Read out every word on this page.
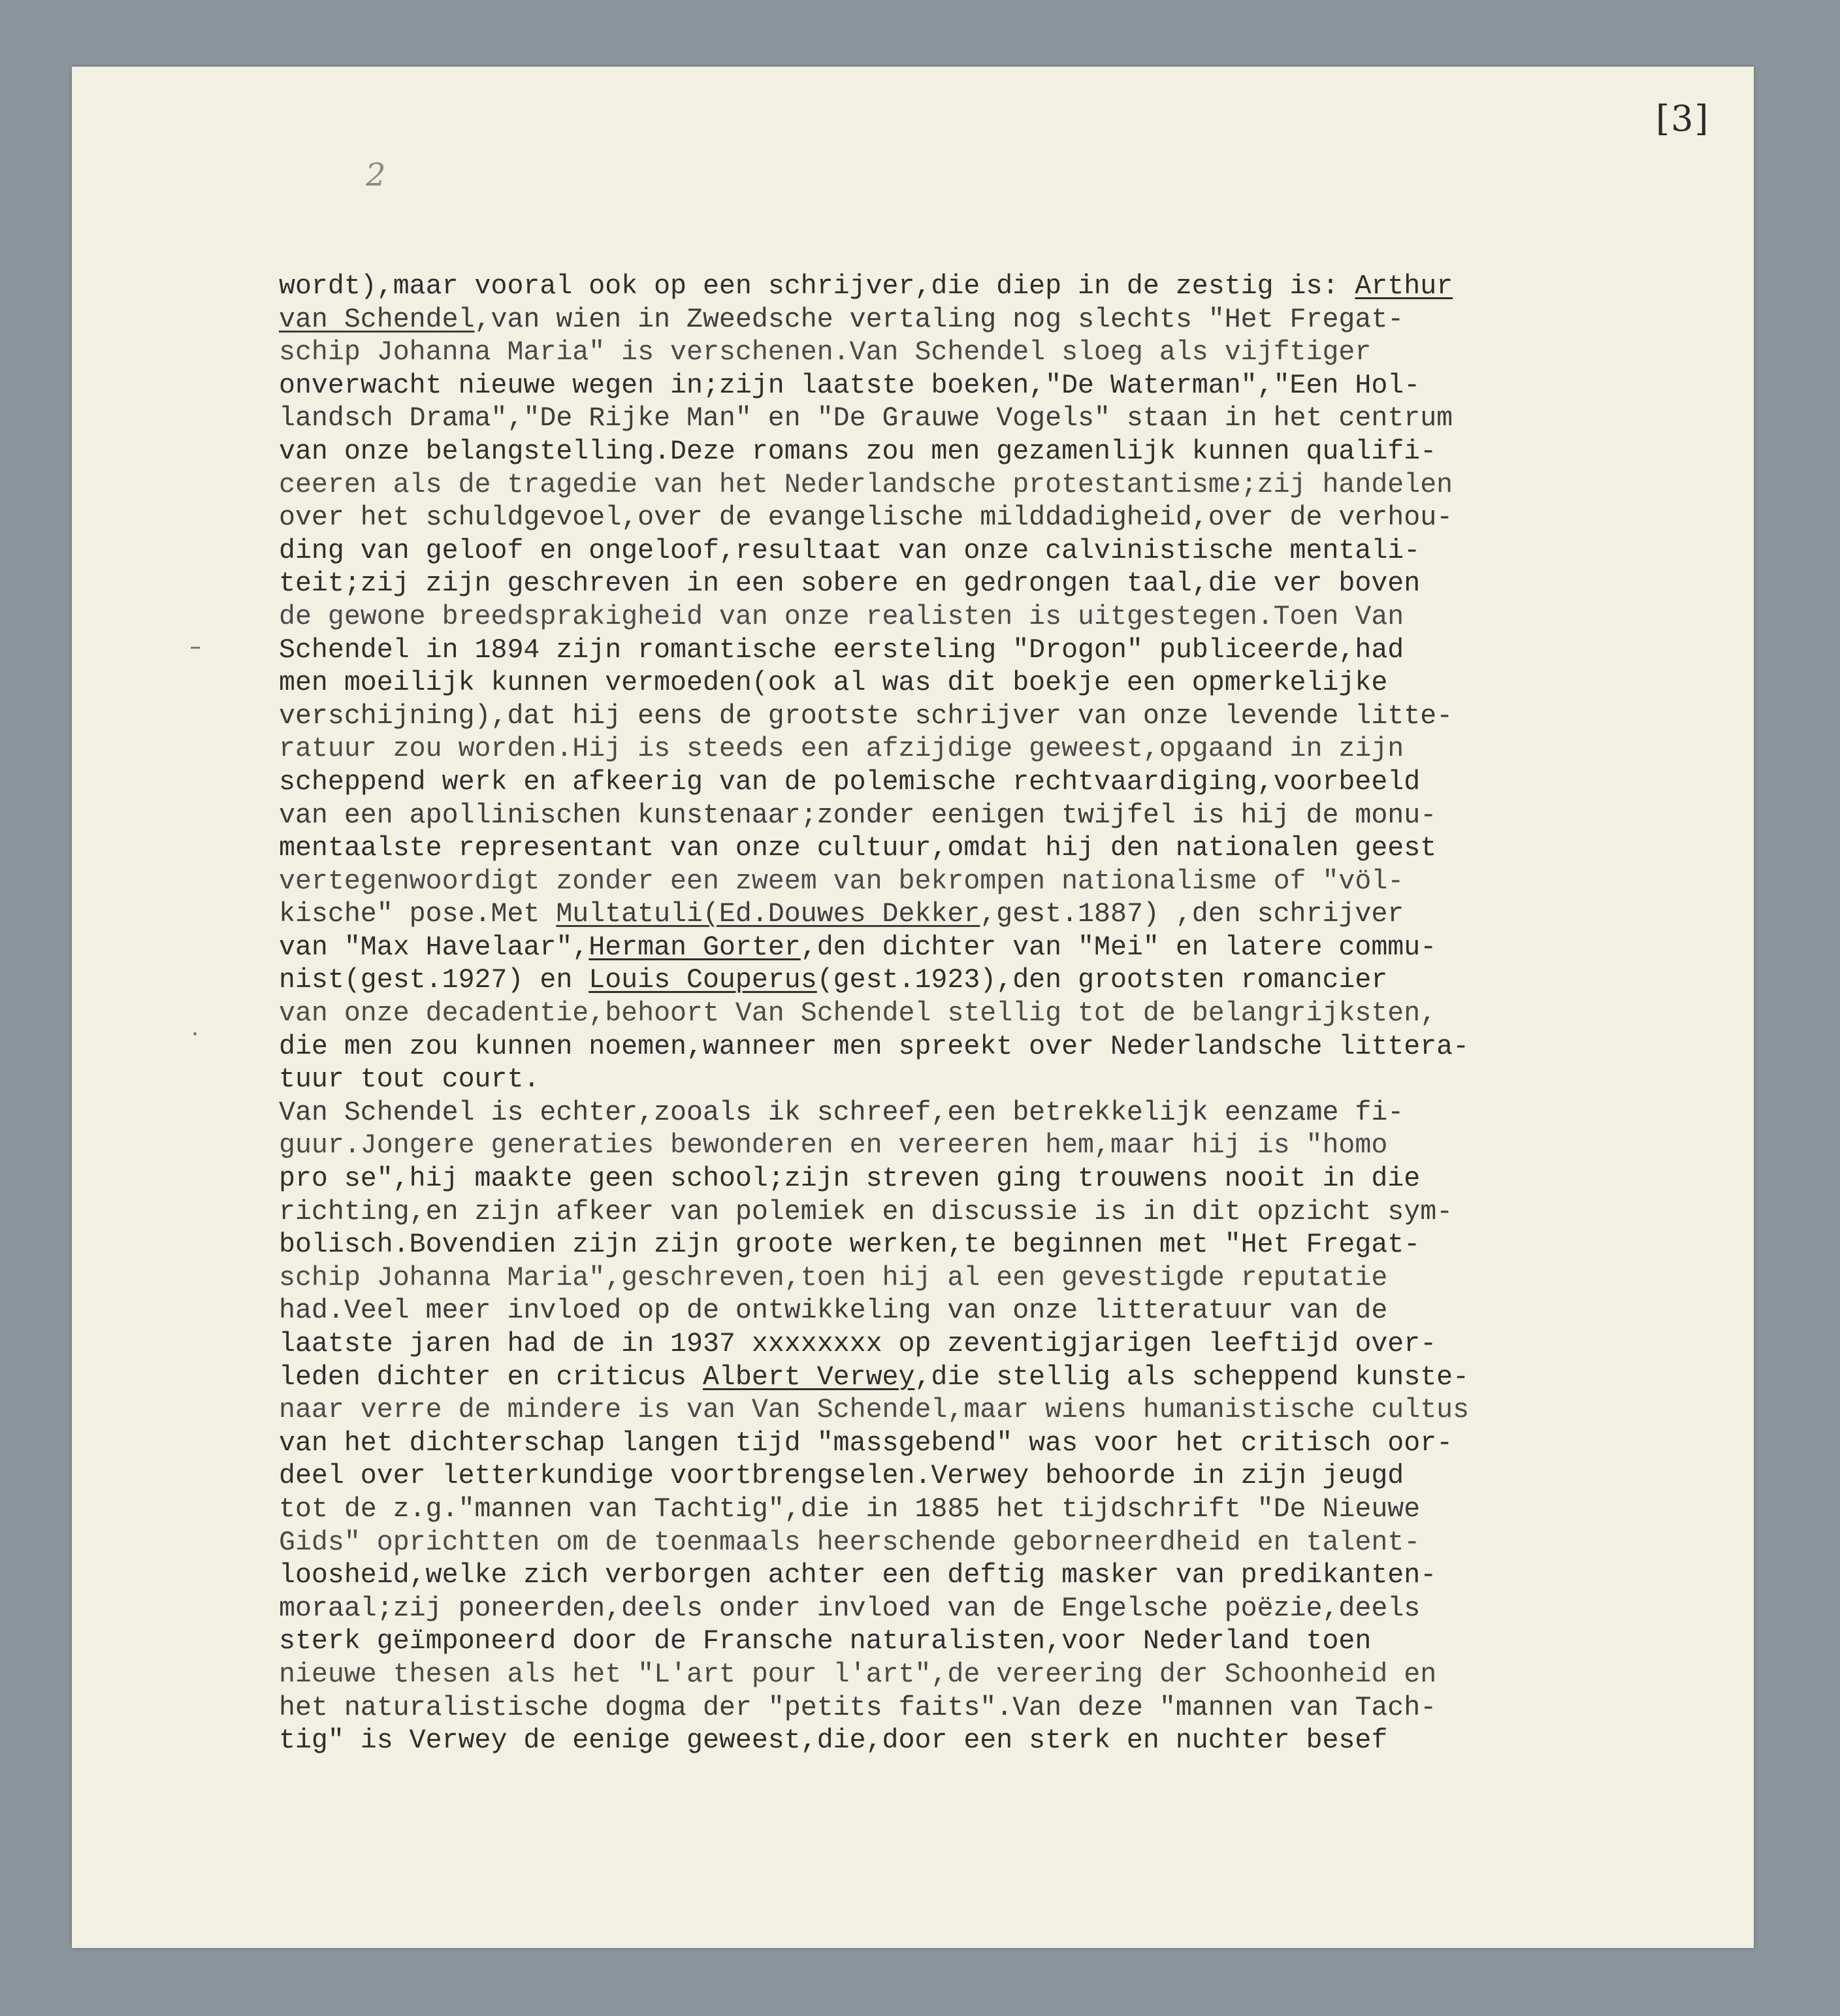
[3]
2
wordt),maar vooral ook op een schrijver,die diep in de zestig is: Arthur
van Schendel,van wien in Zweedsche vertaling nog slechts "Het Fregat-
schip Johanna Maria" is verschenen.Van Schendel sloeg als vijftiger
onverwacht nieuwe wegen in;zijn laatste boeken,"De Waterman","Een Hol-
landsch Drama","De Rijke Man" en "De Grauwe Vogels" staan in het centrum
van onze belangstelling.Deze romans zou men gezamenlijk kunnen qualifi-
ceeren als de tragedie van het Nederlandsche protestantisme;zij handelen
over het schuldgevoel,over de evangelische milddadigheid,over de verhou-
ding van geloof en ongeloof,resultaat van onze calvinistische mentali-
teit;zij zijn geschreven in een sobere en gedrongen taal,die ver boven
de gewone breedsprakigheid van onze realisten is uitgestegen.Toen Van
Schendel in 1894 zijn romantische eersteling "Drogon" publiceerde,had
men moeilijk kunnen vermoeden(ook al was dit boekje een opmerkelijke
verschijning),dat hij eens de grootste schrijver van onze levende litte-
ratuur zou worden.Hij is steeds een afzijdige geweest,opgaand in zijn
scheppend werk en afkeerig van de polemische rechtvaardiging,voorbeeld
van een apollinischen kunstenaar;zonder eenigen twijfel is hij de monu-
mentaalste representant van onze cultuur,omdat hij den nationalen geest
vertegenwoordigt zonder een zweem van bekrompen nationalisme of "völ-
kische" pose.Met Multatuli(Ed.Douwes Dekker,gest.1887) ,den schrijver
van "Max Havelaar",Herman Gorter,den dichter van "Mei" en latere commu-
nist(gest.1927) en Louis Couperus(gest.1923),den grootsten romancier
van onze decadentie,behoort Van Schendel stellig tot de belangrijksten,
die men zou kunnen noemen,wanneer men spreekt over Nederlandsche littera-
tuur tout court.
Van Schendel is echter,zooals ik schreef,een betrekkelijk eenzame fi-
guur.Jongere generaties bewonderen en vereeren hem,maar hij is "homo
pro se",hij maakte geen school;zijn streven ging trouwens nooit in die
richting,en zijn afkeer van polemiek en discussie is in dit opzicht sym-
bolisch.Bovendien zijn zijn groote werken,te beginnen met "Het Fregat-
schip Johanna Maria",geschreven,toen hij al een gevestigde reputatie
had.Veel meer invloed op de ontwikkeling van onze litteratuur van de
laatste jaren had de in 1937 xxxxxxxx op zeventigjarigen leeftijd over-
leden dichter en criticus Albert Verwey,die stellig als scheppend kunste-
naar verre de mindere is van Van Schendel,maar wiens humanistische cultus
van het dichterschap langen tijd "massgebend" was voor het critisch oor-
deel over letterkundige voortbrengselen.Verwey behoorde in zijn jeugd
tot de z.g."mannen van Tachtig",die in 1885 het tijdschrift "De Nieuwe
Gids" oprichtten om de toenmaals heerschende geborneerdheid en talent-
loosheid,welke zich verborgen achter een deftig masker van predikanten-
moraal;zij poneerden,deels onder invloed van de Engelsche poëzie,deels
sterk geïmponeerd door de Fransche naturalisten,voor Nederland toen
nieuwe thesen als het "L'art pour l'art",de vereering der Schoonheid en
het naturalistische dogma der "petits faits".Van deze "mannen van Tach-
tig" is Verwey de eenige geweest,die,door een sterk en nuchter besef
